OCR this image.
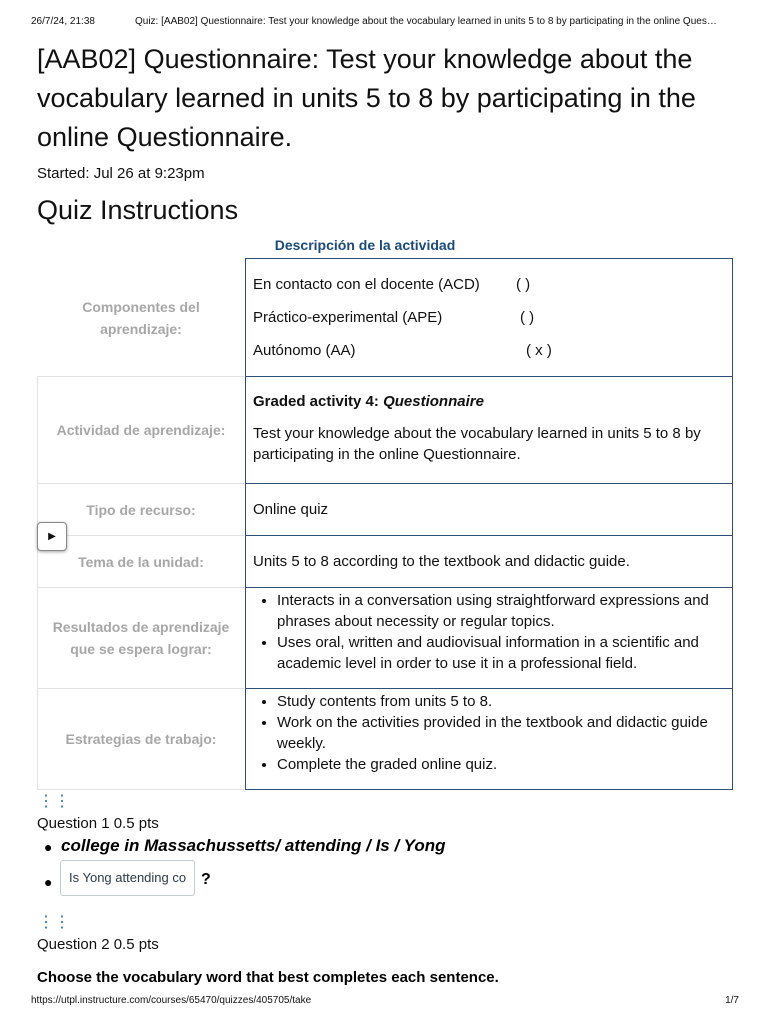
26/7/24, 21:38	Quiz: [AAB02] Questionnaire: Test your knowledge about the vocabulary learned in units 5 to 8 by participating in the online Ques…
[AAB02] Questionnaire: Test your knowledge about the vocabulary learned in units 5 to 8 by participating in the online Questionnaire.
Started: Jul 26 at 9:23pm
Quiz Instructions
Descripción de la actividad
Componentes del aprendizaje:
En contacto con el docente (ACD) ( )
Práctico-experimental (APE)	( )
Autónomo (AA)	( x )
Actividad de aprendizaje:
Graded activity 4: Questionnaire
Test your knowledge about the vocabulary learned in units 5 to 8 by participating in the online Questionnaire.
Tipo de recurso:	Online quiz
Tema de la unidad:	Units 5 to 8 according to the textbook and didactic guide.
Resultados de aprendizaje que se espera lograr:
• Interacts in a conversation using straightforward expressions and phrases about necessity or regular topics.
• Uses oral, written and audiovisual information in a scientific and academic level in order to use it in a professional field.
Estrategias de trabajo:
• Study contents from units 5 to 8.
• Work on the activities provided in the textbook and didactic guide weekly.
• Complete the graded online quiz.
▶
⋮⋮
Question 1 0.5 pts
● college in Massachussetts/ attending / Is / Yong
●	Is Yong attending co ?
⋮⋮
Question 2 0.5 pts
Choose the vocabulary word that best completes each sentence.
https://utpl.instructure.com/courses/65470/quizzes/405705/take	1/7
